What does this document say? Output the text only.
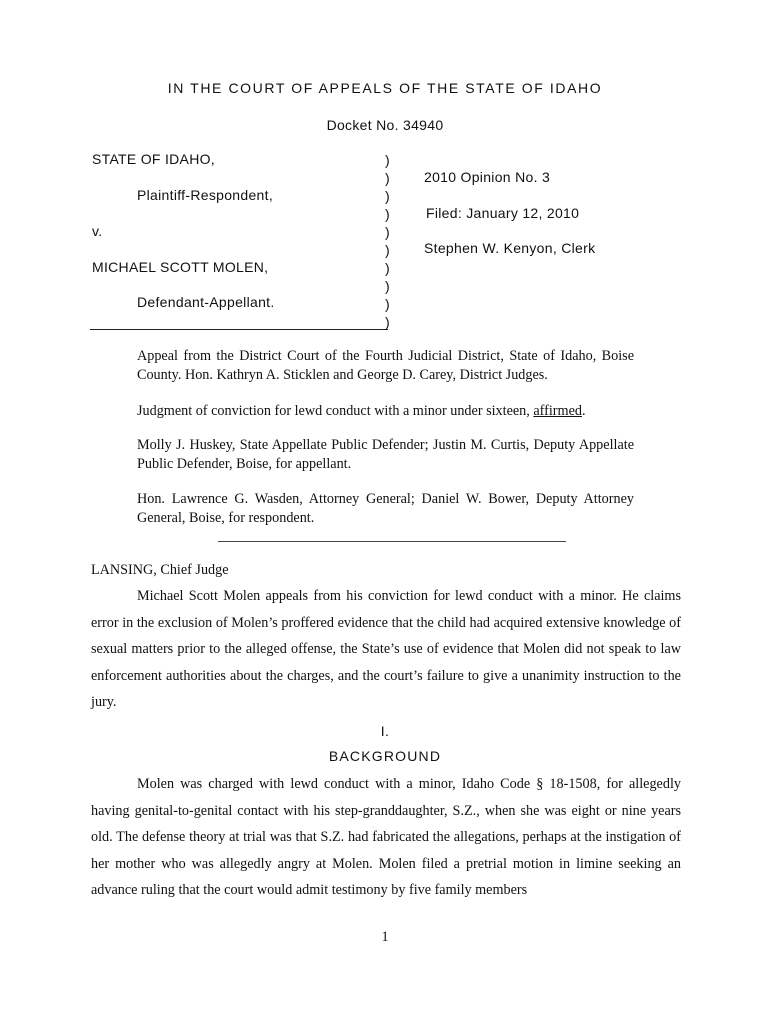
IN THE COURT OF APPEALS OF THE STATE OF IDAHO
Docket No. 34940
STATE OF IDAHO,
Plaintiff-Respondent,
v.
MICHAEL SCOTT MOLEN,
Defendant-Appellant.
)
)
)
)
)
)
)
)
)
)
2010 Opinion No. 3
Filed: January 12, 2010
Stephen W. Kenyon, Clerk
Appeal from the District Court of the Fourth Judicial District, State of Idaho, Boise County. Hon. Kathryn A. Sticklen and George D. Carey, District Judges.
Judgment of conviction for lewd conduct with a minor under sixteen, affirmed.
Molly J. Huskey, State Appellate Public Defender; Justin M. Curtis, Deputy Appellate Public Defender, Boise, for appellant.
Hon. Lawrence G. Wasden, Attorney General; Daniel W. Bower, Deputy Attorney General, Boise, for respondent.
LANSING, Chief Judge
Michael Scott Molen appeals from his conviction for lewd conduct with a minor. He claims error in the exclusion of Molen’s proffered evidence that the child had acquired extensive knowledge of sexual matters prior to the alleged offense, the State’s use of evidence that Molen did not speak to law enforcement authorities about the charges, and the court’s failure to give a unanimity instruction to the jury.
I.
BACKGROUND
Molen was charged with lewd conduct with a minor, Idaho Code § 18-1508, for allegedly having genital-to-genital contact with his step-granddaughter, S.Z., when she was eight or nine years old. The defense theory at trial was that S.Z. had fabricated the allegations, perhaps at the instigation of her mother who was allegedly angry at Molen. Molen filed a pretrial motion in limine seeking an advance ruling that the court would admit testimony by five family members
1
